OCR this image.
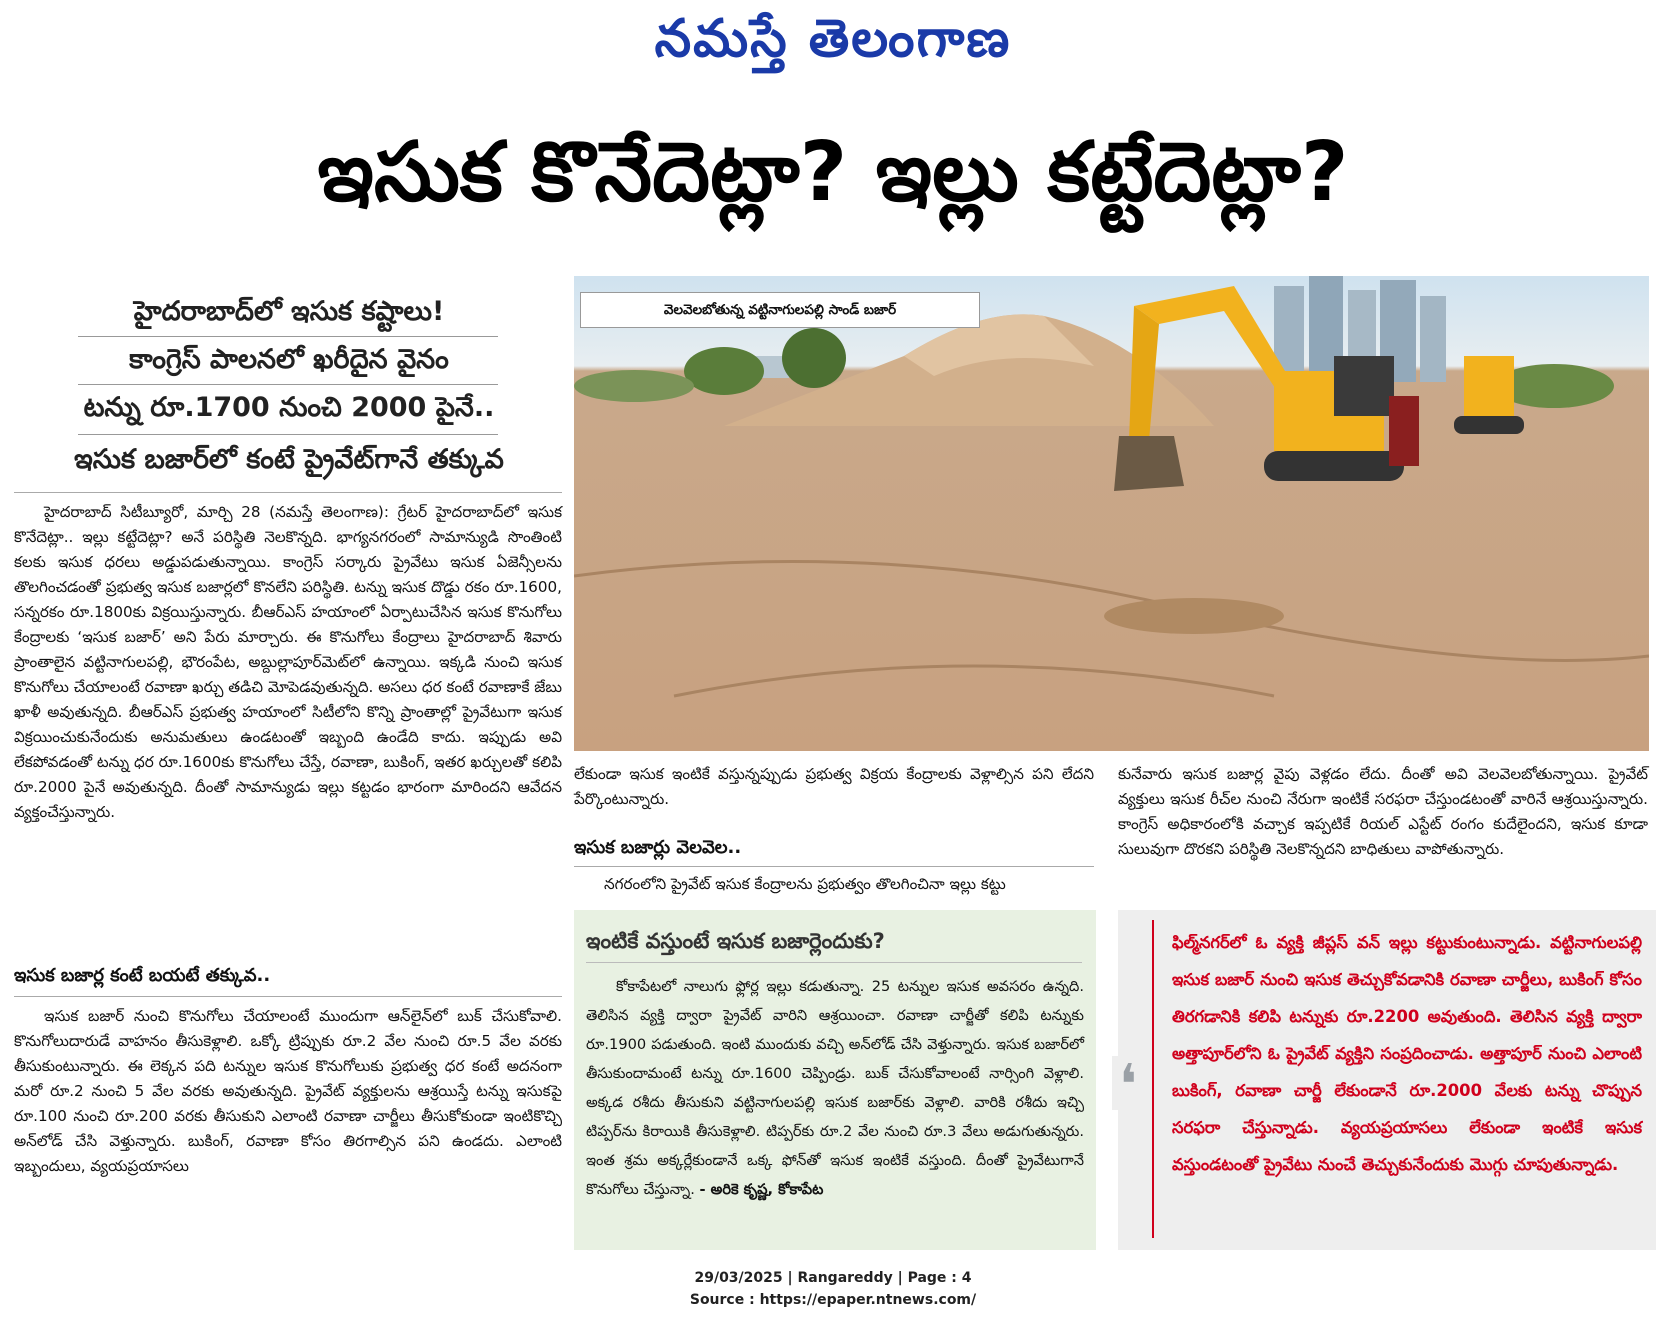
నమస్తే తెలంగాణ
ఇసుక కొనేదెట్లా? ఇల్లు కట్టేదెట్లా?
హైదరాబాద్‌లో ఇసుక కష్టాలు!
కాంగ్రెస్ పాలనలో ఖరీదైన వైనం
టన్ను రూ.1700 నుంచి 2000 పైనే..
ఇసుక బజార్‌లో కంటే ప్రైవేట్‌గానే తక్కువ

హైదరాబాద్ సిటీబ్యూరో, మార్చి 28 (నమస్తే తెలంగాణ): గ్రేటర్ హైదరాబాద్‌లో ఇసుక కొనేదెట్లా.. ఇల్లు కట్టేదెట్లా? అనే పరిస్థితి నెలకొన్నది. భాగ్యనగరంలో సామాన్యుడి సొంతింటి కలకు ఇసుక ధరలు అడ్డుపడుతున్నాయి. కాంగ్రెస్ సర్కారు ప్రైవేటు ఇసుక ఏజెన్సీలను తొలగించడంతో ప్రభుత్వ ఇసుక బజార్లలో కొనలేని పరిస్థితి. టన్ను ఇసుక దొడ్డు రకం రూ.1600, సన్నరకం రూ.1800కు విక్రయిస్తున్నారు. బీఆర్ఎస్ హయాంలో ఏర్పాటుచేసిన ఇసుక కొనుగోలు కేంద్రాలకు ‘ఇసుక బజార్’ అని పేరు మార్చారు. ఈ కొనుగోలు కేంద్రాలు హైదరాబాద్ శివారు ప్రాంతాలైన వట్టినాగులపల్లి, భౌరంపేట, అబ్దుల్లాపూర్‌మెట్‌లో ఉన్నాయి. ఇక్కడి నుంచి ఇసుక కొనుగోలు చేయాలంటే రవాణా ఖర్చు తడిచి మోపెడవుతున్నది. అసలు ధర కంటే రవాణాకే జేబు ఖాళీ అవుతున్నది. బీఆర్ఎస్ ప్రభుత్వ హయాంలో సిటీలోని కొన్ని ప్రాంతాల్లో ప్రైవేటుగా ఇసుక విక్రయించుకునేందుకు అనుమతులు ఉండటంతో ఇబ్బంది ఉండేది కాదు. ఇప్పుడు అవి లేకపోవడంతో టన్ను ధర రూ.1600కు కొనుగోలు చేస్తే, రవాణా, బుకింగ్, ఇతర ఖర్చులతో కలిపి రూ.2000 పైనే అవుతున్నది. దీంతో సామాన్యుడు ఇల్లు కట్టడం భారంగా మారిందని ఆవేదన వ్యక్తంచేస్తున్నారు.

ఇసుక బజార్ల కంటే బయటే తక్కువ..

ఇసుక బజార్ నుంచి కొనుగోలు చేయాలంటే ముందుగా ఆన్‌లైన్‌లో బుక్ చేసుకోవాలి. కొనుగోలుదారుడే వాహనం తీసుకెళ్లాలి. ఒక్కో ట్రిప్పుకు రూ.2 వేల నుంచి రూ.5 వేల వరకు తీసుకుంటున్నారు. ఈ లెక్కన పది టన్నుల ఇసుక కొనుగోలుకు ప్రభుత్వ ధర కంటే అదనంగా మరో రూ.2 నుంచి 5 వేల వరకు అవుతున్నది. ప్రైవేట్ వ్యక్తులను ఆశ్రయిస్తే టన్ను ఇసుకపై రూ.100 నుంచి రూ.200 వరకు తీసుకుని ఎలాంటి రవాణా చార్జీలు తీసుకోకుండా ఇంటికొచ్చి అన్‌లోడ్ చేసి వెళ్తున్నారు. బుకింగ్, రవాణా కోసం తిరగాల్సిన పని ఉండదు. ఎలాంటి ఇబ్బందులు, వ్యయప్రయాసలు

వెలవెలబోతున్న వట్టినాగులపల్లి సాండ్ బజార్

లేకుండా ఇసుక ఇంటికే వస్తున్నప్పుడు ప్రభుత్వ విక్రయ కేంద్రాలకు వెళ్లాల్సిన పని లేదని పేర్కొంటున్నారు.

ఇసుక బజార్లు వెలవెల..

నగరంలోని ప్రైవేట్ ఇసుక కేంద్రాలను ప్రభుత్వం తొలగించినా ఇల్లు కట్టు

కునేవారు ఇసుక బజార్ల వైపు వెళ్లడం లేదు. దీంతో అవి వెలవెలబోతున్నాయి. ప్రైవేట్ వ్యక్తులు ఇసుక రీచ్‌ల నుంచి నేరుగా ఇంటికే సరఫరా చేస్తుండటంతో వారినే ఆశ్రయిస్తున్నారు. కాంగ్రెస్ అధికారంలోకి వచ్చాక ఇప్పటికే రియల్ ఎస్టేట్ రంగం కుదేలైందని, ఇసుక కూడా సులువుగా దొరకని పరిస్థితి నెలకొన్నదని బాధితులు వాపోతున్నారు.

ఇంటికే వస్తుంటే ఇసుక బజార్లెందుకు?

కోకాపేటలో నాలుగు ఫ్లోర్ల ఇల్లు కడుతున్నా. 25 టన్నుల ఇసుక అవసరం ఉన్నది. తెలిసిన వ్యక్తి ద్వారా ప్రైవేట్ వారిని ఆశ్రయించా. రవాణా చార్జీతో కలిపి టన్నుకు రూ.1900 పడుతుంది. ఇంటి ముందుకు వచ్చి అన్‌లోడ్ చేసి వెళ్తున్నారు. ఇసుక బజార్‌లో తీసుకుందామంటే టన్ను రూ.1600 చెప్పిండ్రు. బుక్ చేసుకోవాలంటే నార్సింగి వెళ్లాలి. అక్కడ రశీదు తీసుకుని వట్టినాగులపల్లి ఇసుక బజార్‌కు వెళ్లాలి. వారికి రశీదు ఇచ్చి టిప్పర్‌ను కిరాయికి తీసుకెళ్లాలి. టిప్పర్‌కు రూ.2 వేల నుంచి రూ.3 వేలు అడుగుతున్నరు. ఇంత శ్రమ అక్కర్లేకుండానే ఒక్క ఫోన్‌తో ఇసుక ఇంటికే వస్తుంది. దీంతో ప్రైవేటుగానే కొనుగోలు చేస్తున్నా. - అరికె కృష్ణ, కోకాపేట

❛

ఫిల్మ్‌నగర్‌లో ఓ వ్యక్తి జీప్లస్ వన్ ఇల్లు కట్టుకుంటున్నాడు. వట్టినాగులపల్లి ఇసుక బజార్ నుంచి ఇసుక తెచ్చుకోవడానికి రవాణా చార్జీలు, బుకింగ్ కోసం తిరగడానికి కలిపి టన్నుకు రూ.2200 అవుతుంది. తెలిసిన వ్యక్తి ద్వారా అత్తాపూర్‌లోని ఓ ప్రైవేట్ వ్యక్తిని సంప్రదించాడు. అత్తాపూర్ నుంచి ఎలాంటి బుకింగ్, రవాణా చార్జీ లేకుండానే రూ.2000 వేలకు టన్ను చొప్పున సరఫరా చేస్తున్నాడు. వ్యయప్రయాసలు లేకుండా ఇంటికే ఇసుక వస్తుండటంతో ప్రైవేటు నుంచే తెచ్చుకునేందుకు మొగ్గు చూపుతున్నాడు.

29/03/2025 | Rangareddy | Page : 4
Source : https://epaper.ntnews.com/
